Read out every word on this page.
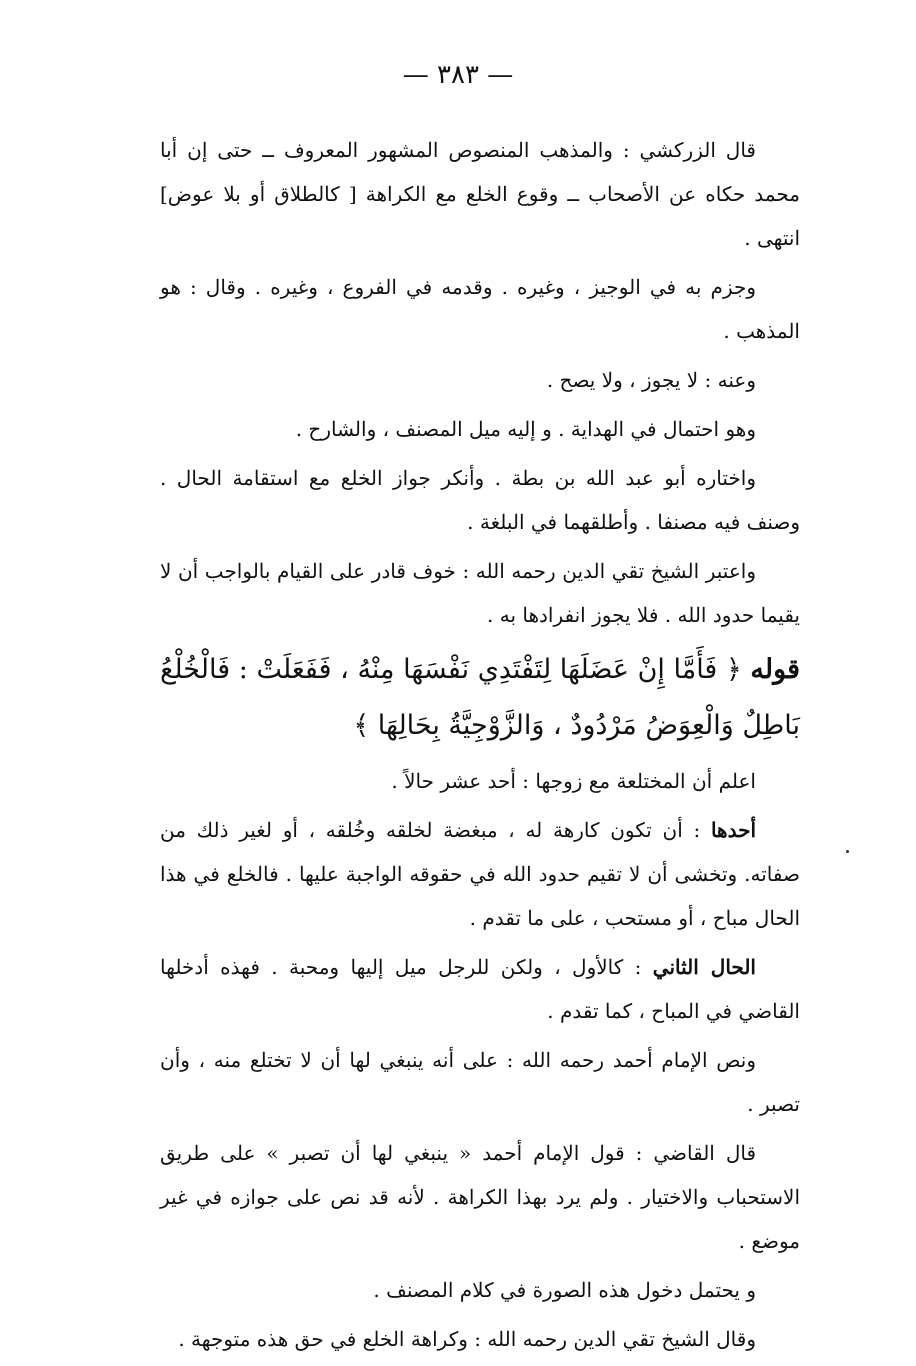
— ٣٨٣ —

قال الزركشي : والمذهب المنصوص المشهور المعروف ــ حتى إن أبا محمد حكاه عن الأصحاب ــ وقوع الخلع مع الكراهة [ كالطلاق أو بلا عوض] انتهى .

وجزم به في الوجيز ، وغيره . وقدمه في الفروع ، وغيره . وقال : هو المذهب .

وعنه : لا يجوز ، ولا يصح .

وهو احتمال في الهداية . و إليه ميل المصنف ، والشارح .

واختاره أبو عبد الله بن بطة . وأنكر جواز الخلع مع استقامة الحال . وصنف فيه مصنفا . وأطلقهما في البلغة .

واعتبر الشيخ تقي الدين رحمه الله : خوف قادر على القيام بالواجب أن لا يقيما حدود الله . فلا يجوز انفرادها به .

قوله ﴿ فَأَمَّا إِنْ عَضَلَهَا لِتَفْتَدِي نَفْسَهَا مِنْهُ ، فَفَعَلَتْ : فَالْخُلْعُ بَاطِلٌ وَالْعِوَضُ مَرْدُودٌ ، وَالزَّوْجِيَّةُ بِحَالِهَا ﴾

اعلم أن المختلعة مع زوجها : أحد عشر حالاً .

أحدها : أن تكون كارهة له ، مبغضة لخلقه وخُلقه ، أو لغير ذلك من صفاته. وتخشى أن لا تقيم حدود الله في حقوقه الواجبة عليها . فالخلع في هذا الحال مباح ، أو مستحب ، على ما تقدم .

الحال الثاني : كالأول ، ولكن للرجل ميل إليها ومحبة . فهذه أدخلها القاضي في المباح ، كما تقدم .

ونص الإمام أحمد رحمه الله : على أنه ينبغي لها أن لا تختلع منه ، وأن تصبر .

قال القاضي : قول الإمام أحمد « ينبغي لها أن تصبر » على طريق الاستحباب والاختيار . ولم يرد بهذا الكراهة . لأنه قد نص على جوازه في غير موضع .

و يحتمل دخول هذه الصورة في كلام المصنف .

وقال الشيخ تقي الدين رحمه الله : وكراهة الخلع في حق هذه متوجهة .
